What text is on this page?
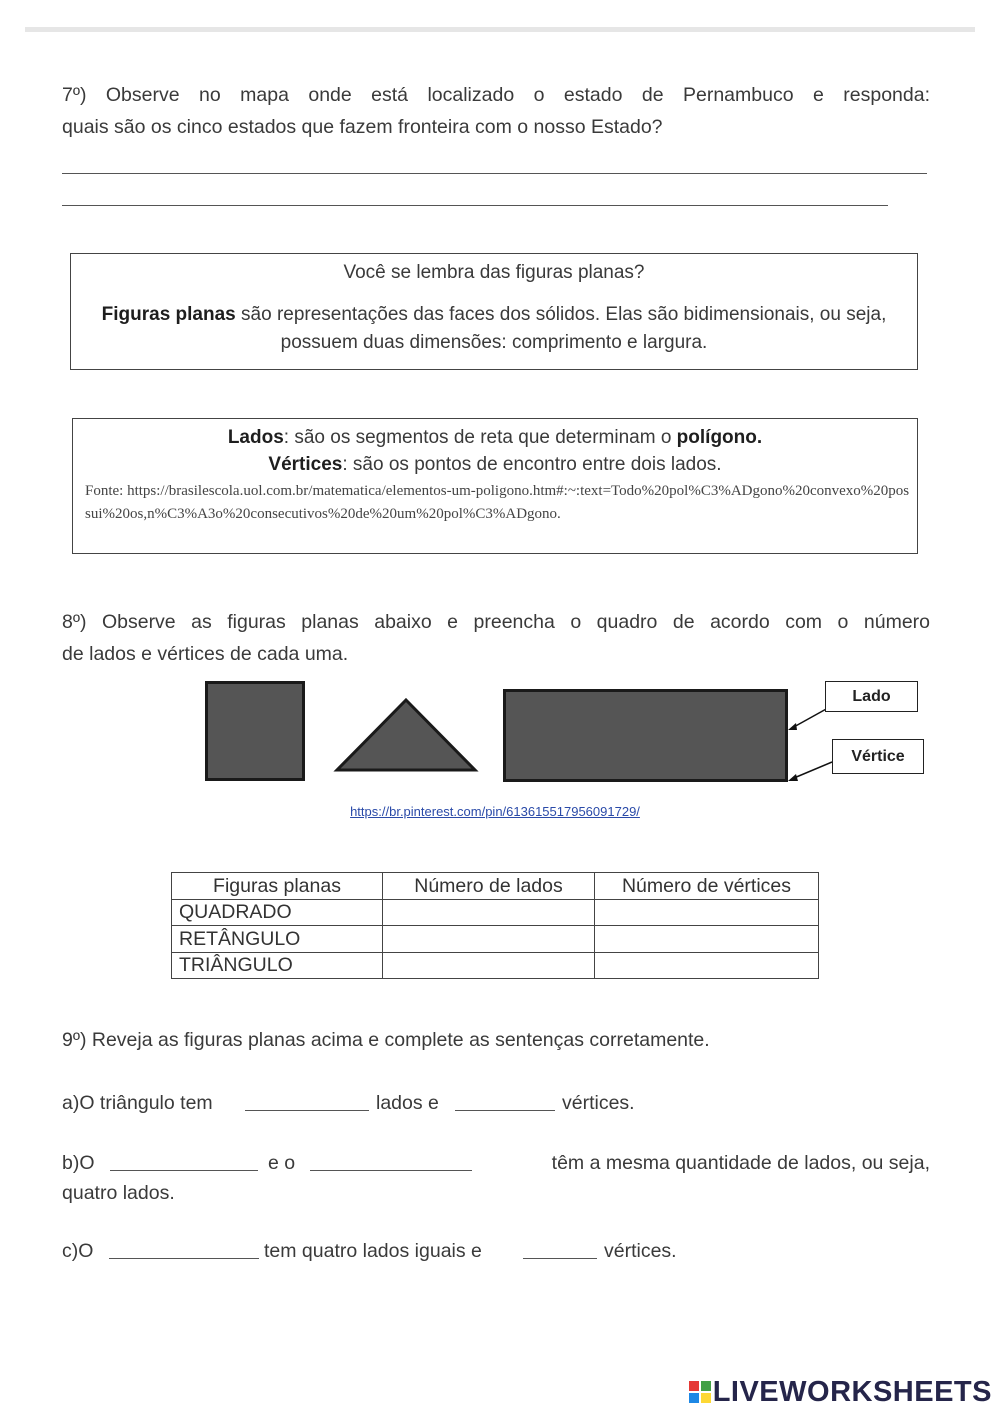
7º) Observe no mapa onde está localizado o estado de Pernambuco e responda:
quais são os cinco estados que fazem fronteira com o nosso Estado?
Você se lembra das figuras planas?
Figuras planas são representações das faces dos sólidos. Elas são bidimensionais, ou seja, possuem duas dimensões: comprimento e largura.
Lados: são os segmentos de reta que determinam o polígono.
Vértices: são os pontos de encontro entre dois lados.
Fonte: https://brasilescola.uol.com.br/matematica/elementos-um-poligono.htm#:~:text=Todo%20pol%C3%ADgono%20convexo%20possui%20os,n%C3%A3o%20consecutivos%20de%20um%20pol%C3%ADgono.
8º) Observe as figuras planas abaixo e preencha o quadro de acordo com o número
de lados e vértices de cada uma.
Lado
Vértice
https://br.pinterest.com/pin/613615517956091729/
Figuras planas	Número de lados	Número de vértices
QUADRADO		
RETÂNGULO		
TRIÂNGULO		
9º) Reveja as figuras planas acima e complete as sentenças corretamente.
a)O triângulo tem	lados e	vértices.
b)O	e o	têm a mesma quantidade de lados, ou seja,
quatro lados.
c)O	tem quatro lados iguais e	vértices.
LIVEWORKSHEETS
